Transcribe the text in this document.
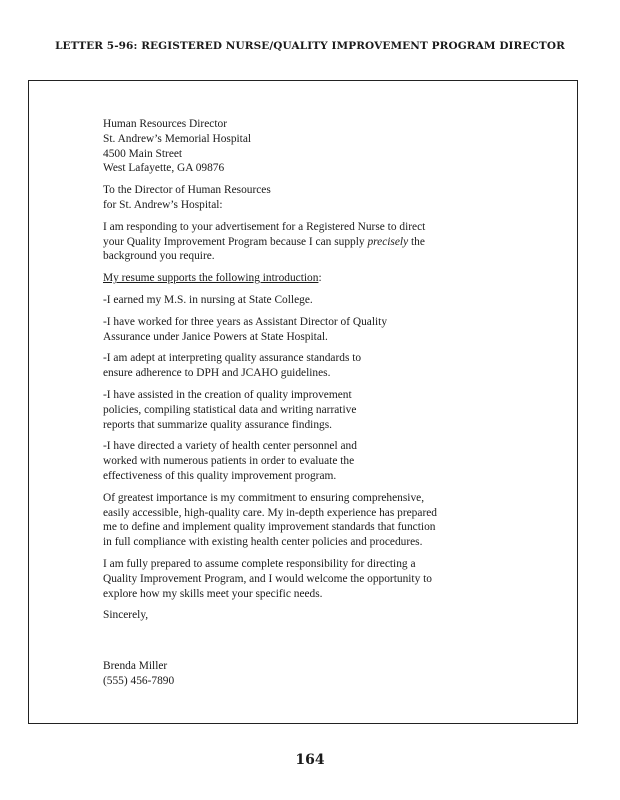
LETTER 5-96: REGISTERED NURSE/QUALITY IMPROVEMENT PROGRAM DIRECTOR

Human Resources Director
St. Andrew’s Memorial Hospital
4500 Main Street
West Lafayette, GA 09876

To the Director of Human Resources
for St. Andrew’s Hospital:

I am responding to your advertisement for a Registered Nurse to direct
your Quality Improvement Program because I can supply precisely the
background you require.

My resume supports the following introduction:

-I earned my M.S. in nursing at State College.

-I have worked for three years as Assistant Director of Quality
Assurance under Janice Powers at State Hospital.

-I am adept at interpreting quality assurance standards to
ensure adherence to DPH and JCAHO guidelines.

-I have assisted in the creation of quality improvement
policies, compiling statistical data and writing narrative
reports that summarize quality assurance findings.

-I have directed a variety of health center personnel and
worked with numerous patients in order to evaluate the
effectiveness of this quality improvement program.

Of greatest importance is my commitment to ensuring comprehensive,
easily accessible, high-quality care. My in-depth experience has prepared
me to define and implement quality improvement standards that function
in full compliance with existing health center policies and procedures.

I am fully prepared to assume complete responsibility for directing a
Quality Improvement Program, and I would welcome the opportunity to
explore how my skills meet your specific needs.

Sincerely,

Brenda Miller
(555) 456-7890

164
